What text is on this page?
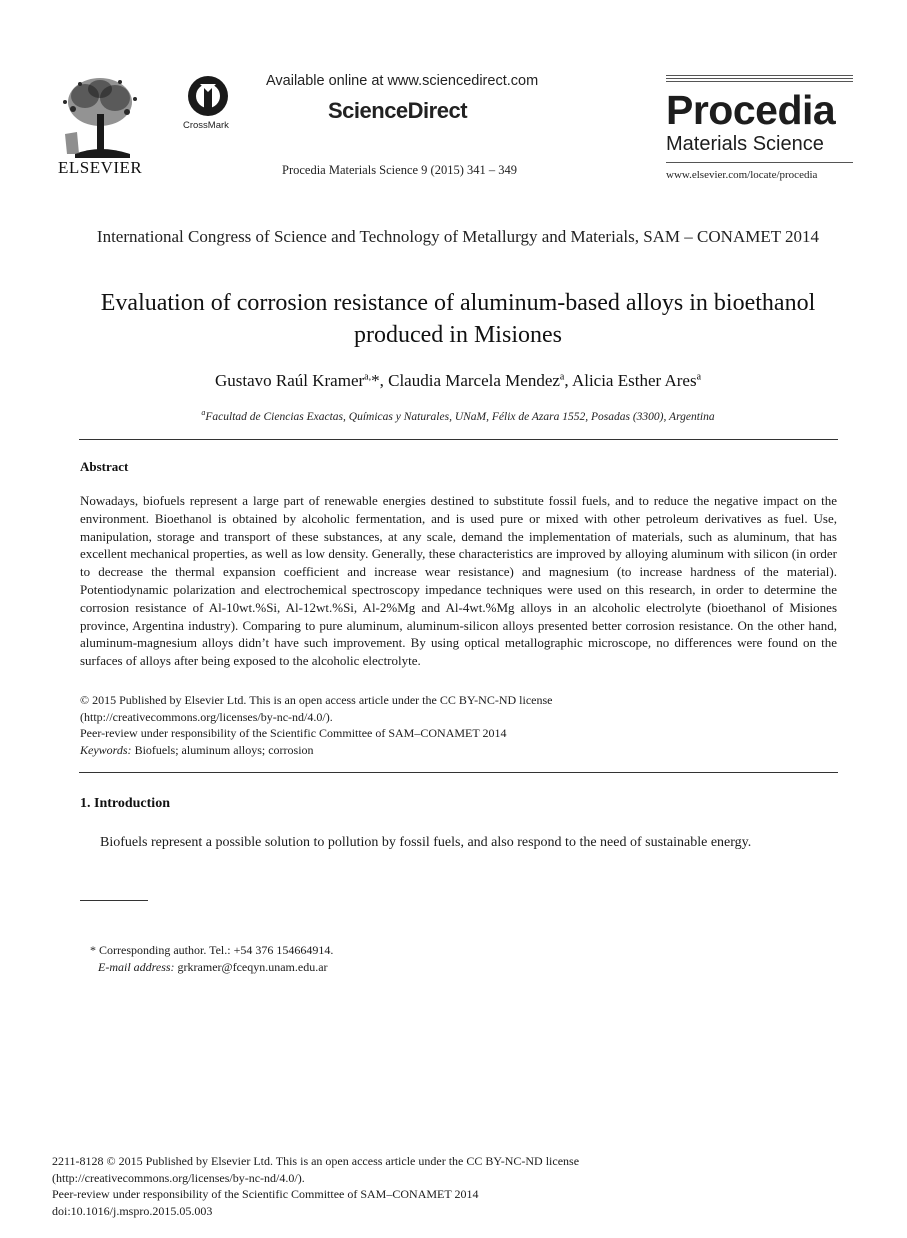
ELSEVIER
CrossMark
Available online at www.sciencedirect.com
ScienceDirect
Procedia Materials Science 9 (2015) 341 – 349
Procedia
Materials Science
www.elsevier.com/locate/procedia
International Congress of Science and Technology of Metallurgy and Materials, SAM – CONAMET 2014
Evaluation of corrosion resistance of aluminum-based alloys in bioethanol produced in Misiones
Gustavo Raúl Kramer$^{a,}$*, Claudia Marcela Mendez$^a$, Alicia Esther Ares$^a$
$^a$Facultad de Ciencias Exactas, Químicas y Naturales, UNaM, Félix de Azara 1552, Posadas (3300), Argentina
Abstract
Nowadays, biofuels represent a large part of renewable energies destined to substitute fossil fuels, and to reduce the negative impact on the environment. Bioethanol is obtained by alcoholic fermentation, and is used pure or mixed with other petroleum derivatives as fuel. Use, manipulation, storage and transport of these substances, at any scale, demand the implementation of materials, such as aluminum, that has excellent mechanical properties, as well as low density. Generally, these characteristics are improved by alloying aluminum with silicon (in order to decrease the thermal expansion coefficient and increase wear resistance) and magnesium (to increase hardness of the material). Potentiodynamic polarization and electrochemical spectroscopy impedance techniques were used on this research, in order to determine the corrosion resistance of Al-10wt.%Si, Al-12wt.%Si, Al-2%Mg and Al-4wt.%Mg alloys in an alcoholic electrolyte (bioethanol of Misiones province, Argentina industry). Comparing to pure aluminum, aluminum-silicon alloys presented better corrosion resistance. On the other hand, aluminum-magnesium alloys didn’t have such improvement. By using optical metallographic microscope, no differences were found on the surfaces of alloys after being exposed to the alcoholic electrolyte.
© 2015 Published by Elsevier Ltd. This is an open access article under the CC BY-NC-ND license
(http://creativecommons.org/licenses/by-nc-nd/4.0/).
Peer-review under responsibility of the Scientific Committee of SAM–CONAMET 2014
Keywords: Biofuels; aluminum alloys; corrosion
1. Introduction
Biofuels represent a possible solution to pollution by fossil fuels, and also respond to the need of sustainable energy.
* Corresponding author. Tel.: +54 376 154664914.
E-mail address: grkramer@fceqyn.unam.edu.ar
2211-8128 © 2015 Published by Elsevier Ltd. This is an open access article under the CC BY-NC-ND license
(http://creativecommons.org/licenses/by-nc-nd/4.0/).
Peer-review under responsibility of the Scientific Committee of SAM–CONAMET 2014
doi:10.1016/j.mspro.2015.05.003
